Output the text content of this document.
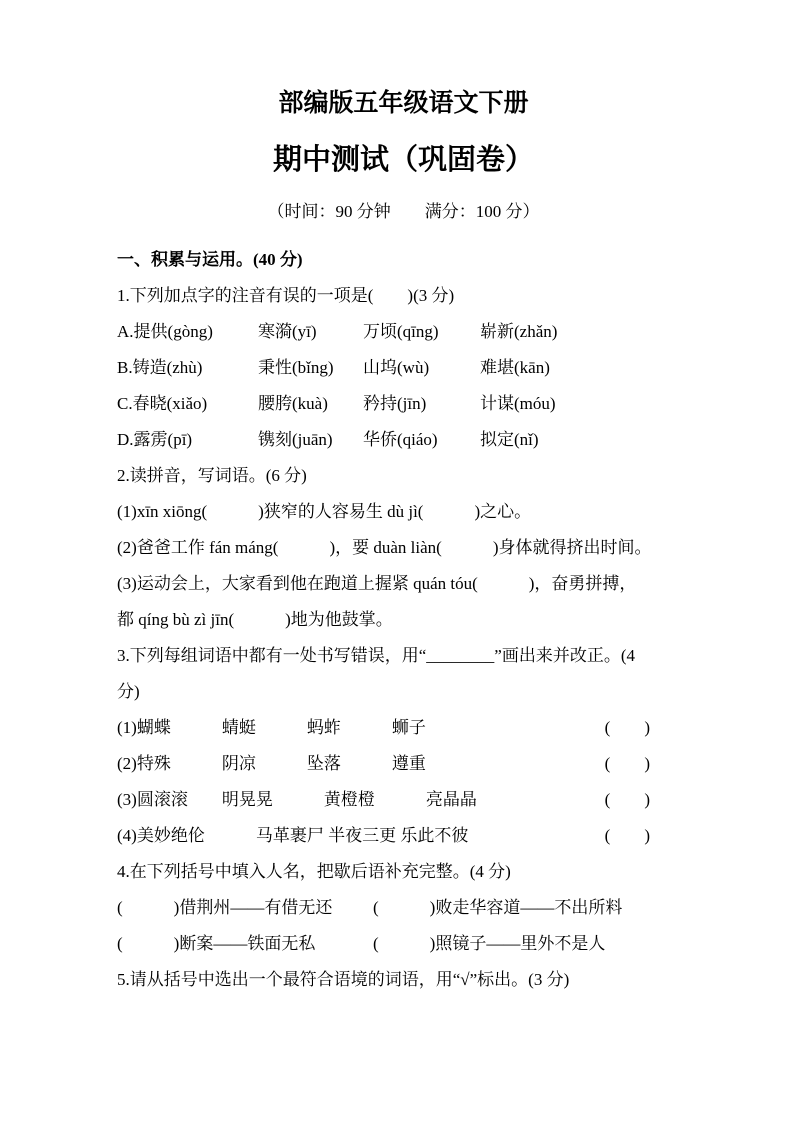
部编版五年级语文下册
期中测试（巩固卷）
（时间：90 分钟　　满分：100 分）
一、积累与运用。(40 分)
1.下列加点字的注音有误的一项是(　　)(3 分)
A.提供(gòng)	寒漪(yī)	万顷(qīng)	崭新(zhǎn)
B.铸造(zhù)	秉性(bǐng)	山坞(wù)	难堪(kān)
C.春晓(xiǎo)	腰胯(kuà)	矜持(jīn)	计谋(móu)
D.露雳(pī)	镌刻(juān)	华侨(qiáo)	拟定(nǐ)
2.读拼音，写词语。(6 分)
(1)xīn xiōng(　　　)狭窄的人容易生 dù jì(　　　)之心。
(2)爸爸工作 fán máng(　　　)，要 duàn liàn(　　　)身体就得挤出时间。
(3)运动会上，大家看到他在跑道上握紧 quán tóu(　　　)，奋勇拼搏，
都 qíng bù zì jīn(　　　)地为他鼓掌。
3.下列每组词语中都有一处书写错误，用“________”画出来并改正。(4
分)
(1)蝴蝶　　　蜻蜓　　　蚂蚱　　　蛳子	(　　)
(2)特殊　　　阴凉　　　坠落　　　遵重	(　　)
(3)圆滚滚　　明晃晃　　　黄橙橙　　　亮晶晶	(　　)
(4)美妙绝伦　　　马革裹尸 半夜三更 乐此不彼	(　　)
4.在下列括号中填入人名，把歇后语补充完整。(4 分)
(　　　)借荆州——有借无还	(　　　)败走华容道——不出所料
(　　　)断案——铁面无私	(　　　)照镜子——里外不是人
5.请从括号中选出一个最符合语境的词语，用“√”标出。(3 分)
